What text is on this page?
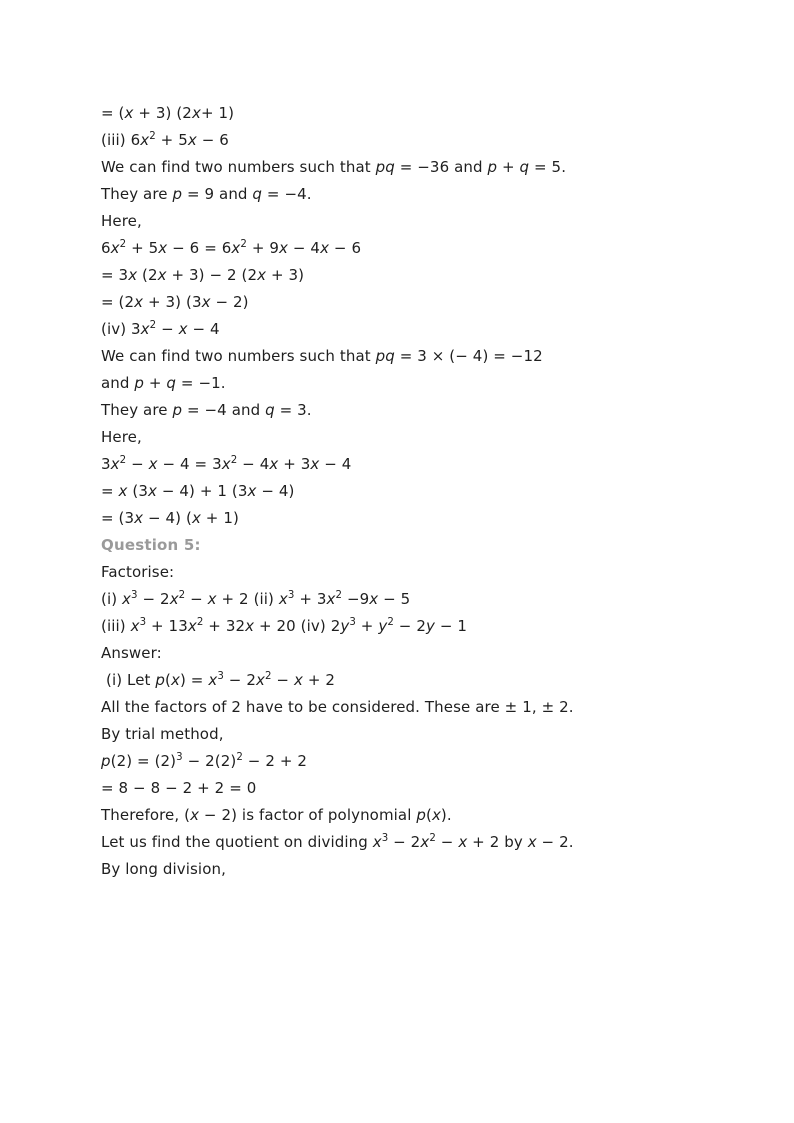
= (x + 3) (2x+ 1)
(iii) $6x^2 + 5x - 6$
We can find two numbers such that pq = −36 and p + q = 5.
They are p = 9 and q = −4.
Here,
$6x^2 + 5x - 6 = 6x^2 + 9x - 4x - 6$
= 3x (2x + 3) − 2 (2x + 3)
= (2x + 3) (3x − 2)
(iv) $3x^2 - x - 4$
We can find two numbers such that pq = 3 × (− 4) = −12
and p + q = −1.
They are p = −4 and q = 3.
Here,
$3x^2 - x - 4 = 3x^2 - 4x + 3x - 4$
= x (3x − 4) + 1 (3x − 4)
= (3x − 4) (x + 1)
Question 5:
Factorise:
(i) $x^3 - 2x^2 - x + 2$ (ii) $x^3 + 3x^2 -9x - 5$
(iii) $x^3 + 13x^2 + 32x + 20$ (iv) $2y^3 + y^2 - 2y - 1$
Answer:
(i) Let $p(x) = x^3 - 2x^2 - x + 2$
All the factors of 2 have to be considered. These are ± 1, ± 2.
By trial method,
$p(2) = (2)^3 - 2(2)^2 - 2 + 2$
= 8 − 8 − 2 + 2 = 0
Therefore, (x − 2) is factor of polynomial p(x).
Let us find the quotient on dividing $x^3 - 2x^2 - x + 2$ by x − 2.
By long division,
